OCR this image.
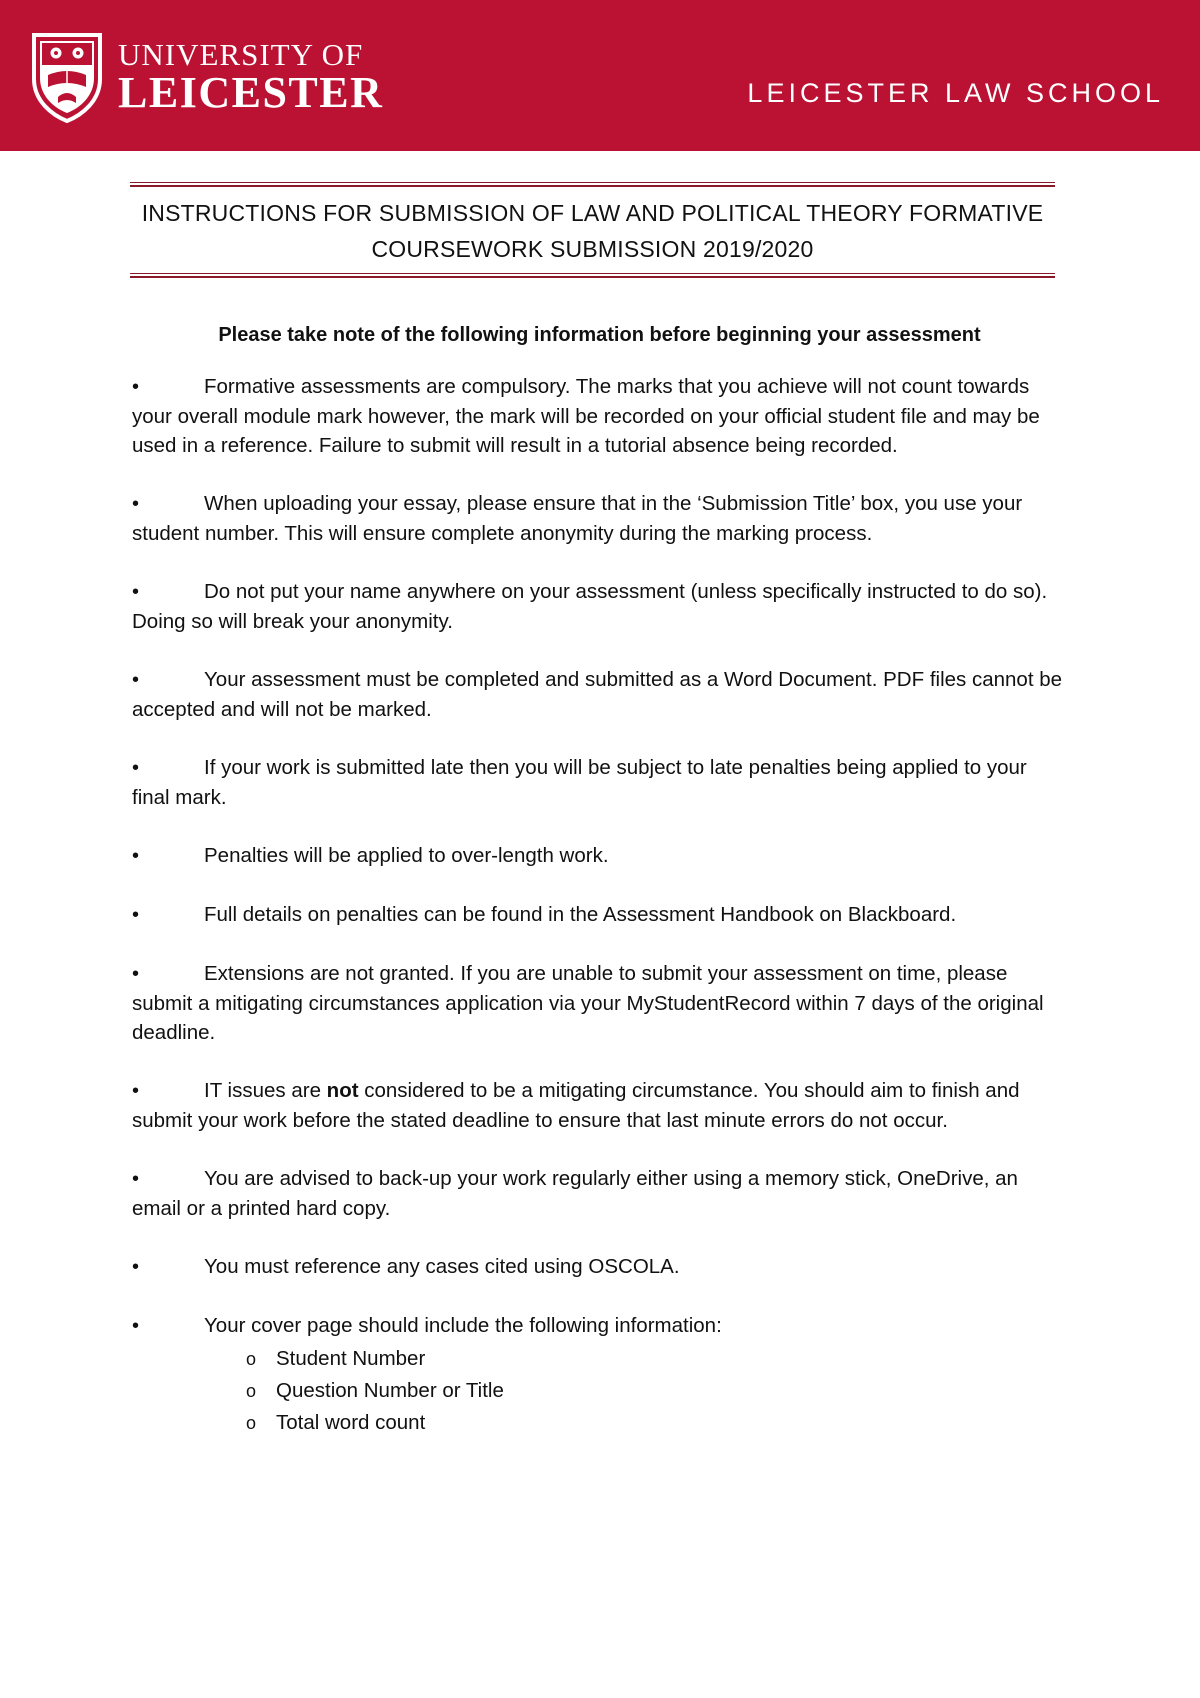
UNIVERSITY OF
LEICESTER	LEICESTER LAW SCHOOL
INSTRUCTIONS FOR SUBMISSION OF LAW AND POLITICAL THEORY FORMATIVE
COURSEWORK SUBMISSION 2019/2020

Please take note of the following information before beginning your assessment

•	Formative assessments are compulsory. The marks that you achieve will not count towards your overall module mark however, the mark will be recorded on your official student file and may be used in a reference. Failure to submit will result in a tutorial absence being recorded.
•	When uploading your essay, please ensure that in the ‘Submission Title’ box, you use your student number. This will ensure complete anonymity during the marking process.
•	Do not put your name anywhere on your assessment (unless specifically instructed to do so). Doing so will break your anonymity.
•	Your assessment must be completed and submitted as a Word Document. PDF files cannot be accepted and will not be marked.
•	If your work is submitted late then you will be subject to late penalties being applied to your final mark.
•	Penalties will be applied to over-length work.
•	Full details on penalties can be found in the Assessment Handbook on Blackboard.
•	Extensions are not granted. If you are unable to submit your assessment on time, please submit a mitigating circumstances application via your MyStudentRecord within 7 days of the original deadline.
•	IT issues are not considered to be a mitigating circumstance. You should aim to finish and submit your work before the stated deadline to ensure that last minute errors do not occur.
•	You are advised to back-up your work regularly either using a memory stick, OneDrive, an email or a printed hard copy.
•	You must reference any cases cited using OSCOLA.
•	Your cover page should include the following information:
o Student Number
o Question Number or Title
o Total word count
